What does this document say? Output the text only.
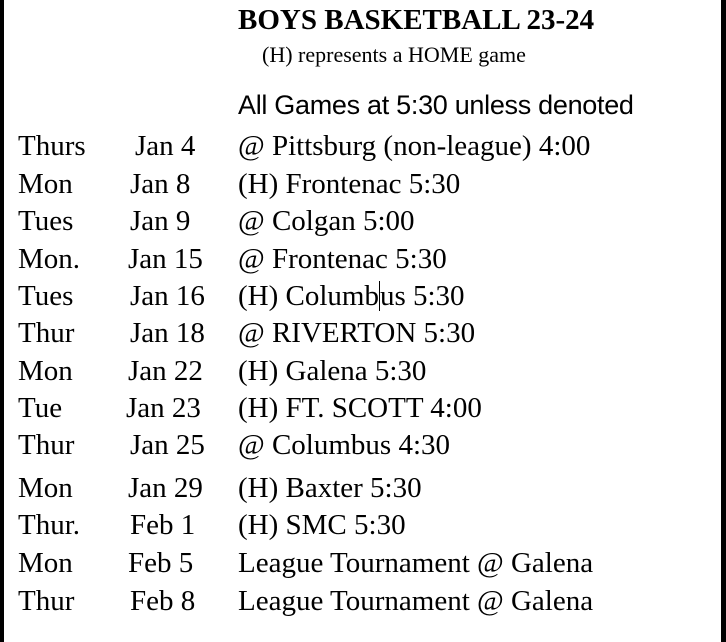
BOYS BASKETBALL 23-24
(H) represents a HOME game
All Games at 5:30 unless denoted
Thurs Jan 4 @ Pittsburg (non-league) 4:00
Mon Jan 8 (H) Frontenac 5:30
Tues Jan 9 @ Colgan 5:00
Mon. Jan 15 @ Frontenac 5:30
Tues Jan 16 (H) Columbus 5:30
Thur Jan 18 @ RIVERTON 5:30
Mon Jan 22 (H) Galena 5:30
Tue Jan 23 (H) FT. SCOTT 4:00
Thur Jan 25 @ Columbus 4:30
Mon Jan 29 (H) Baxter 5:30
Thur. Feb 1 (H) SMC 5:30
Mon Feb 5 League Tournament @ Galena
Thur Feb 8 League Tournament @ Galena
